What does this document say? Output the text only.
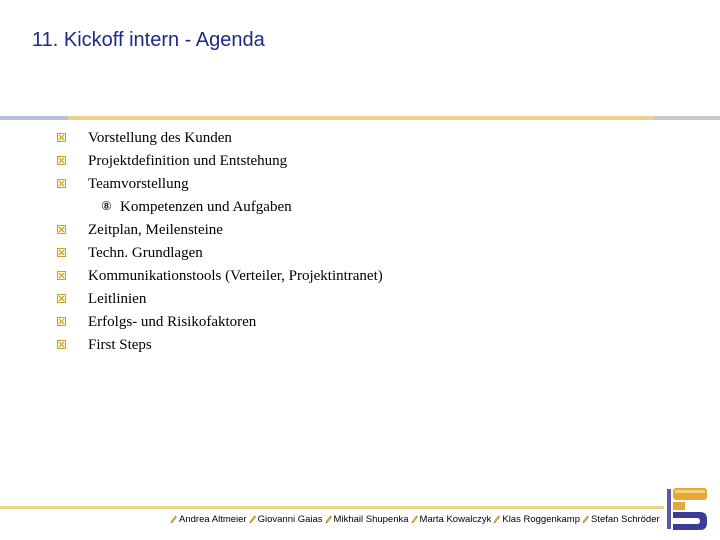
11. Kickoff intern - Agenda
Vorstellung des Kunden
Projektdefinition und Entstehung
Teamvorstellung
⑧ Kompetenzen und Aufgaben
Zeitplan, Meilensteine
Techn. Grundlagen
Kommunikationstools (Verteiler, Projektintranet)
Leitlinien
Erfolgs- und Risikofaktoren
First Steps
Andrea Altmeier Giovanni Gaias Mikhail Shupenka Marta Kowalczyk Klas Roggenkamp Stefan Schröder
